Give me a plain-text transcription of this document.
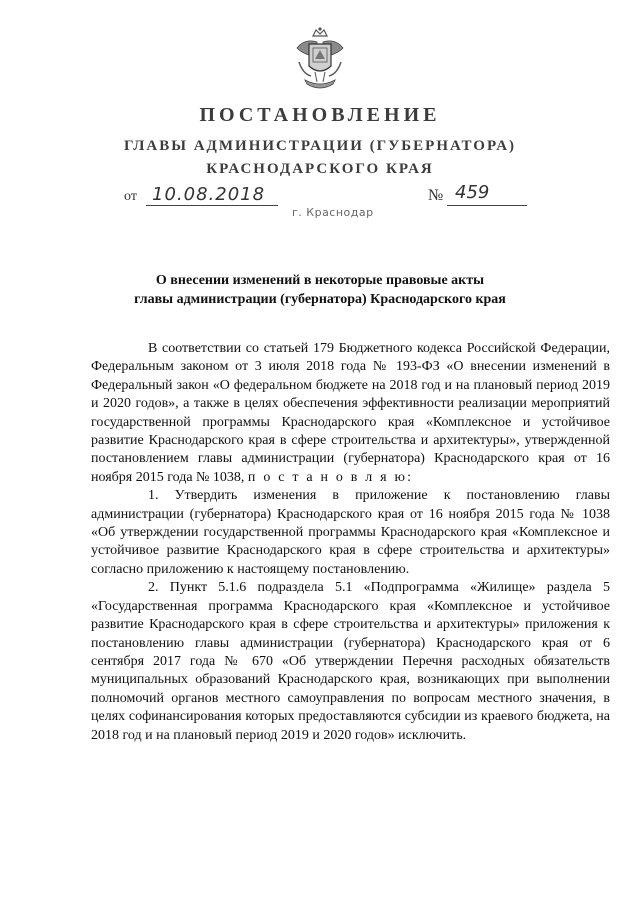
ПОСТАНОВЛЕНИЕ
ГЛАВЫ АДМИНИСТРАЦИИ (ГУБЕРНАТОРА)
КРАСНОДАРСКОГО КРАЯ
от 10.08.2018	№ 459
г. Краснодар
О внесении изменений в некоторые правовые акты
главы администрации (губернатора) Краснодарского края

В соответствии со статьей 179 Бюджетного кодекса Российской Федерации, Федеральным законом от 3 июля 2018 года № 193-ФЗ «О внесении изменений в Федеральный закон «О федеральном бюджете на 2018 год и на плановый период 2019 и 2020 годов», а также в целях обеспечения эффективности реализации мероприятий государственной программы Краснодарского края «Комплексное и устойчивое развитие Краснодарского края в сфере строительства и архитектуры», утвержденной постановлением главы администрации (губернатора) Краснодарского края от 16 ноября 2015 года № 1038, п о с т а н о в л я ю:

1. Утвердить изменения в приложение к постановлению главы администрации (губернатора) Краснодарского края от 16 ноября 2015 года № 1038 «Об утверждении государственной программы Краснодарского края «Комплексное и устойчивое развитие Краснодарского края в сфере строительства и архитектуры» согласно приложению к настоящему постановлению.

2. Пункт 5.1.6 подраздела 5.1 «Подпрограмма «Жилище» раздела 5 «Государственная программа Краснодарского края «Комплексное и устойчивое развитие Краснодарского края в сфере строительства и архитектуры» приложения к постановлению главы администрации (губернатора) Краснодарского края от 6 сентября 2017 года № 670 «Об утверждении Перечня расходных обязательств муниципальных образований Краснодарского края, возникающих при выполнении полномочий органов местного самоуправления по вопросам местного значения, в целях софинансирования которых предоставляются субсидии из краевого бюджета, на 2018 год и на плановый период 2019 и 2020 годов» исключить.
